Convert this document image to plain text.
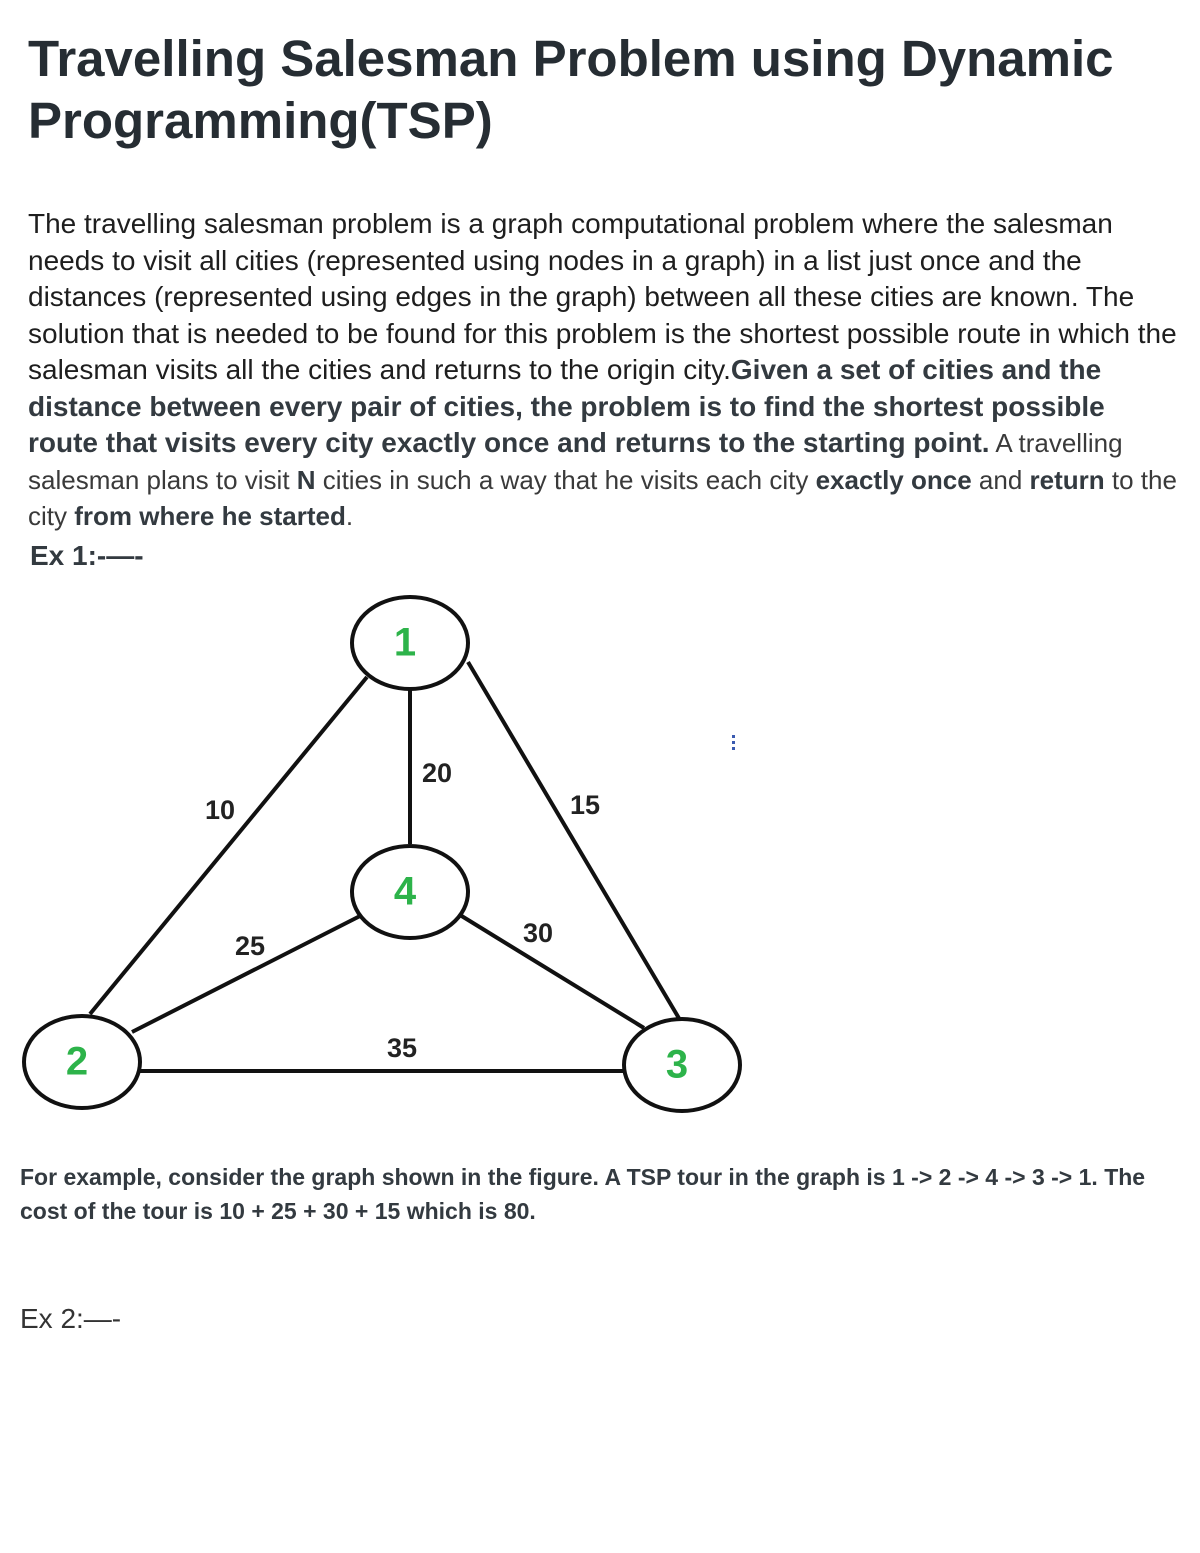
Travelling Salesman Problem using Dynamic Programming(TSP)

The travelling salesman problem is a graph computational problem where the salesman needs to visit all cities (represented using nodes in a graph) in a list just once and the distances (represented using edges in the graph) between all these cities are known. The solution that is needed to be found for this problem is the shortest possible route in which the salesman visits all the cities and returns to the origin city.Given a set of cities and the distance between every pair of cities, the problem is to find the shortest possible route that visits every city exactly once and returns to the starting point. A travelling salesman plans to visit N cities in such a way that he visits each city exactly once and return to the city from where he started.

Ex 1:-—-
10
20
15
25	30
35
1
2	3
4

For example, consider the graph shown in the figure. A TSP tour in the graph is 1 -> 2 -> 4 -> 3 -> 1. The cost of the tour is 10 + 25 + 30 + 15 which is 80.

Ex 2:—-
